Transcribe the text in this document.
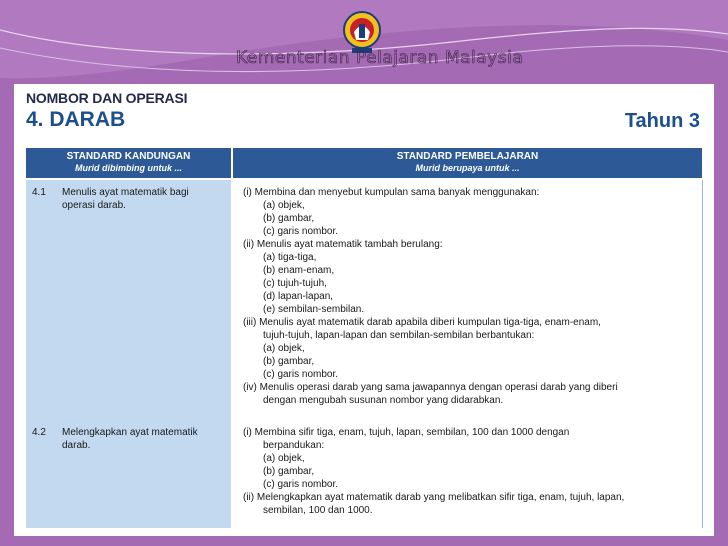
Kementerian Pelajaran Malaysia
NOMBOR DAN OPERASI
4. DARAB	Tahun 3
STANDARD KANDUNGAN
Murid dibimbing untuk ...
STANDARD PEMBELAJARAN
Murid berupaya untuk ...
4.1 Menulis ayat matematik bagi operasi darab.
4.2 Melengkapkan ayat matematik darab.
(i) Membina dan menyebut kumpulan sama banyak menggunakan:
(a) objek,
(b) gambar,
(c) garis nombor.
(ii) Menulis ayat matematik tambah berulang:
(a) tiga-tiga,
(b) enam-enam,
(c) tujuh-tujuh,
(d) lapan-lapan,
(e) sembilan-sembilan.
(iii) Menulis ayat matematik darab apabila diberi kumpulan tiga-tiga, enam-enam,
tujuh-tujuh, lapan-lapan dan sembilan-sembilan berbantukan:
(a) objek,
(b) gambar,
(c) garis nombor.
(iv) Menulis operasi darab yang sama jawapannya dengan operasi darab yang diberi
dengan mengubah susunan nombor yang didarabkan.
(i) Membina sifir tiga, enam, tujuh, lapan, sembilan, 100 dan 1000 dengan
berpandukan:
(a) objek,
(b) gambar,
(c) garis nombor.
(ii) Melengkapkan ayat matematik darab yang melibatkan sifir tiga, enam, tujuh, lapan,
sembilan, 100 dan 1000.
